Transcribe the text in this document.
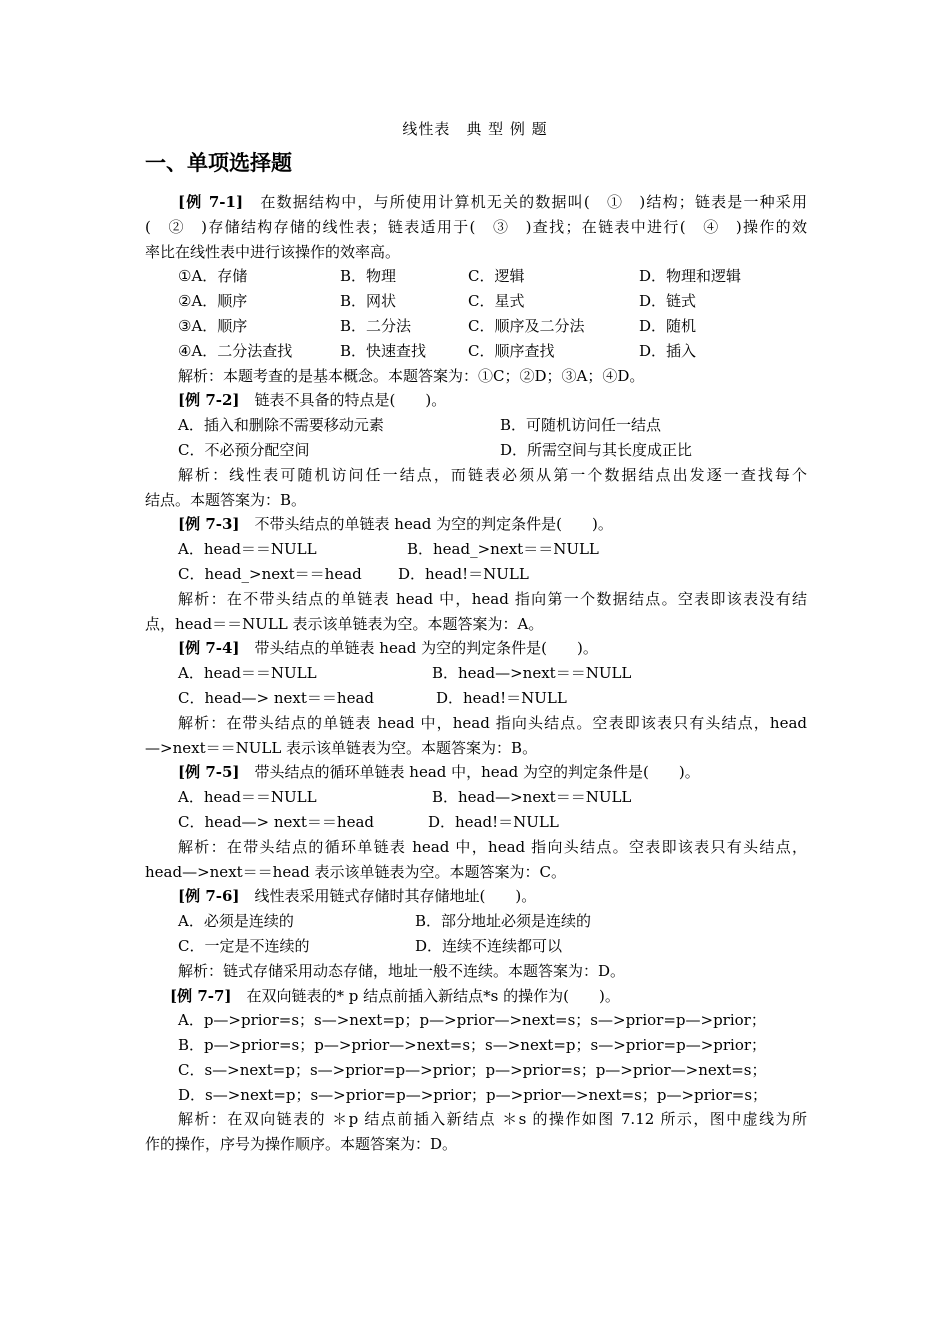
线性表　典 型 例 题
一、单项选择题
[例 7-1]　在数据结构中，与所使用计算机无关的数据叫(　①　)结构；链表是一种采用
(　②　)存储结构存储的线性表；链表适用于(　③　)查找；在链表中进行(　④　)操作的效
率比在线性表中进行该操作的效率高。
①A．存储	B．物理	C．逻辑	D．物理和逻辑
②A．顺序	B．网状	C．星式	D．链式
③A．顺序	B．二分法	C．顺序及二分法	D．随机
④A．二分法查找	B．快速查找	C．顺序查找	D．插入
解析：本题考查的是基本概念。本题答案为：①C；②D；③A；④D。
[例 7-2]　链表不具备的特点是(　　)。
A．插入和删除不需要移动元素	B．可随机访问任一结点
C．不必预分配空间	D．所需空间与其长度成正比
解析：线性表可随机访问任一结点，而链表必须从第一个数据结点出发逐一查找每个
结点。本题答案为：B。
[例 7-3]　不带头结点的单链表 head 为空的判定条件是(　　)。
A．head＝＝NULL	B．head_>next＝＝NULL
C．head_>next＝＝head D．head!＝NULL
解析：在不带头结点的单链表 head 中，head 指向第一个数据结点。空表即该表没有结
点，head＝＝NULL 表示该单链表为空。本题答案为：A。
[例 7-4]　带头结点的单链表 head 为空的判定条件是(　　)。
A．head＝＝NULL	B．head—>next＝＝NULL
C．head—> next＝＝head	D．head!＝NULL
解析：在带头结点的单链表 head 中，head 指向头结点。空表即该表只有头结点，head
—>next＝＝NULL 表示该单链表为空。本题答案为：B。
[例 7-5]　带头结点的循环单链表 head 中，head 为空的判定条件是(　　)。
A．head＝＝NULL	B．head—>next＝＝NULL
C．head—> next＝＝head	D．head!＝NULL
解析：在带头结点的循环单链表 head 中，head 指向头结点。空表即该表只有头结点，
head—>next＝＝head 表示该单链表为空。本题答案为：C。
[例 7-6]　线性表采用链式存储时其存储地址(　　)。
A．必须是连续的	B．部分地址必须是连续的
C．一定是不连续的	D．连续不连续都可以
解析：链式存储采用动态存储，地址一般不连续。本题答案为：D。
[例 7-7]　在双向链表的* p 结点前插入新结点*s 的操作为(　　)。
A．p—>prior=s；s—>next=p；p—>prior—>next=s；s—>prior=p—>prior；
B．p—>prior=s；p—>prior—>next=s；s—>next=p；s—>prior=p—>prior；
C．s—>next=p；s—>prior=p—>prior；p—>prior=s；p—>prior—>next=s；
D．s—>next=p；s—>prior=p—>prior；p—>prior—>next=s；p—>prior=s；
解析：在双向链表的 ＊p 结点前插入新结点 ＊s 的操作如图 7.12 所示，图中虚线为所
作的操作，序号为操作顺序。本题答案为：D。
